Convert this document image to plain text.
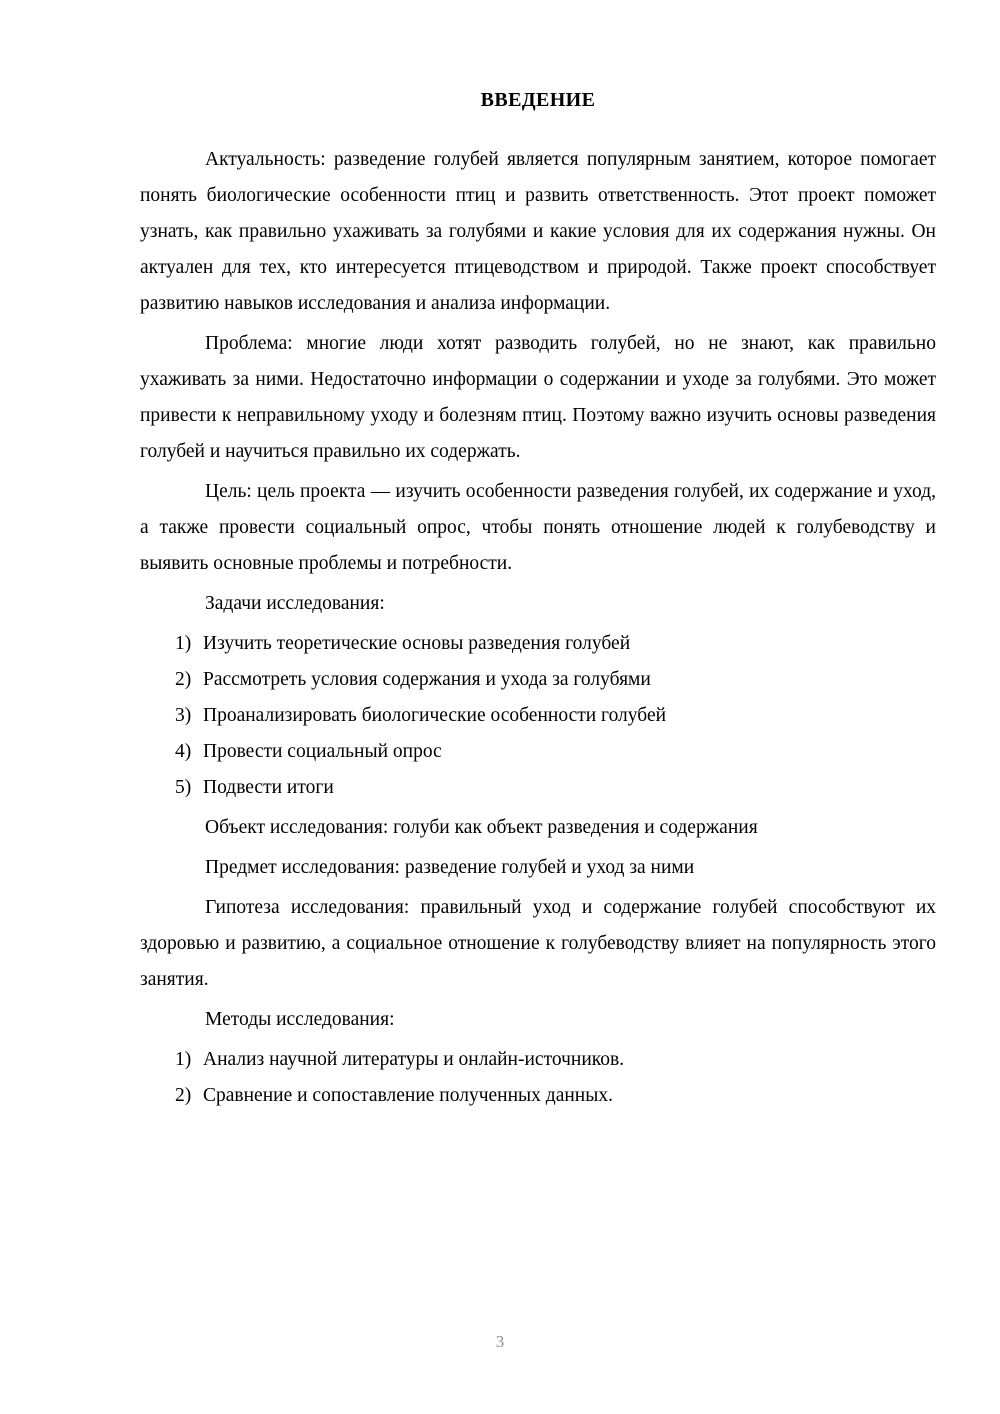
ВВЕДЕНИЕ

Актуальность: разведение голубей является популярным занятием, которое помогает понять биологические особенности птиц и развить ответственность. Этот проект поможет узнать, как правильно ухаживать за голубями и какие условия для их содержания нужны. Он актуален для тех, кто интересуется птицеводством и природой. Также проект способствует развитию навыков исследования и анализа информации.

Проблема: многие люди хотят разводить голубей, но не знают, как правильно ухаживать за ними. Недостаточно информации о содержании и уходе за голубями. Это может привести к неправильному уходу и болезням птиц. Поэтому важно изучить основы разведения голубей и научиться правильно их содержать.

Цель: цель проекта — изучить особенности разведения голубей, их содержание и уход, а также провести социальный опрос, чтобы понять отношение людей к голубеводству и выявить основные проблемы и потребности.

Задачи исследования:

1) Изучить теоретические основы разведения голубей
2) Рассмотреть условия содержания и ухода за голубями
3) Проанализировать биологические особенности голубей
4) Провести социальный опрос
5) Подвести итоги

Объект исследования: голуби как объект разведения и содержания

Предмет исследования: разведение голубей и уход за ними

Гипотеза исследования: правильный уход и содержание голубей способствуют их здоровью и развитию, а социальное отношение к голубеводству влияет на популярность этого занятия.

Методы исследования:

1) Анализ научной литературы и онлайн-источников.
2) Сравнение и сопоставление полученных данных.
3
